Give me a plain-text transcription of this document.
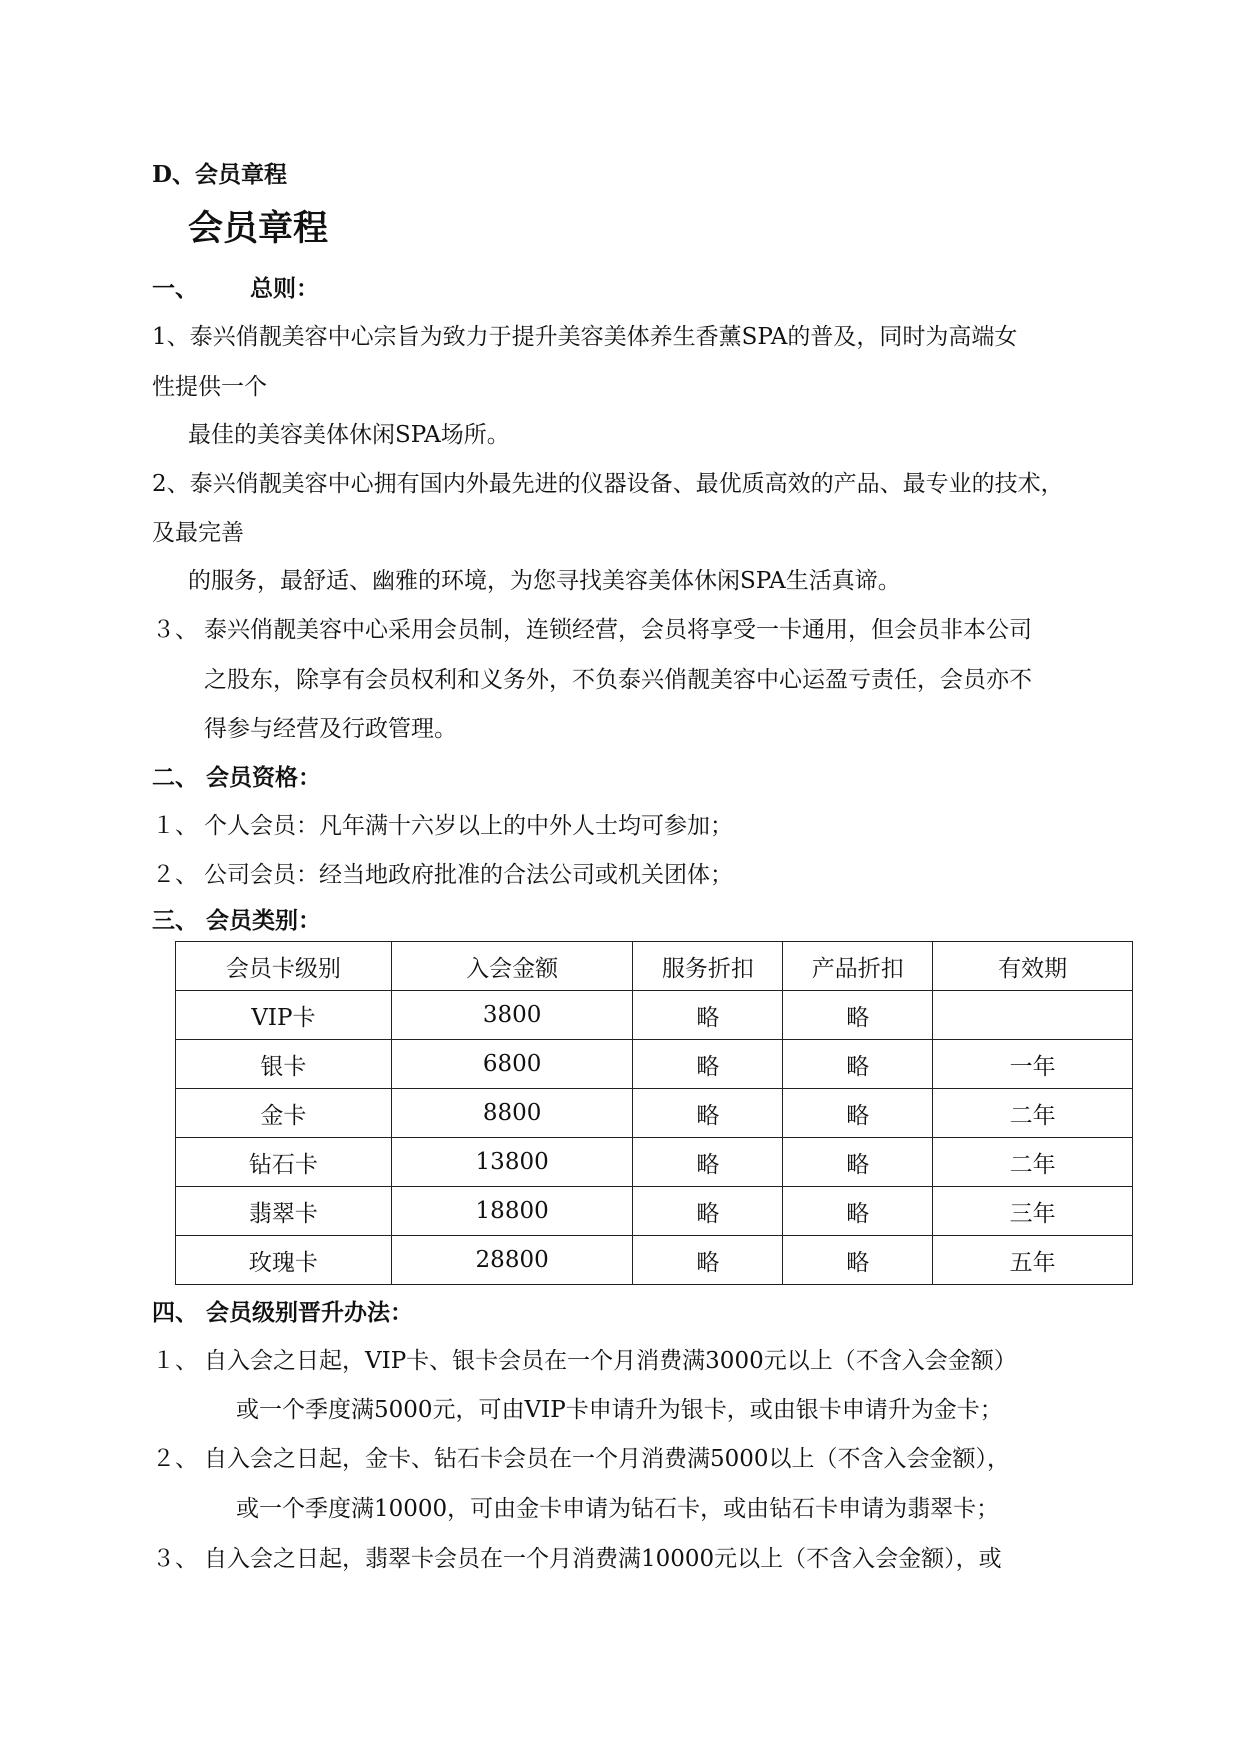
D、会员章程
会员章程
一、 总则：
1、泰兴俏靓美容中心宗旨为致力于提升美容美体养生香薰SPA的普及，同时为高端女
性提供一个
最佳的美容美体休闲SPA场所。
2、泰兴俏靓美容中心拥有国内外最先进的仪器设备、最优质高效的产品、最专业的技术，
及最完善
的服务，最舒适、幽雅的环境，为您寻找美容美体休闲SPA生活真谛。
３、 泰兴俏靓美容中心采用会员制，连锁经营，会员将享受一卡通用，但会员非本公司
之股东，除享有会员权利和义务外，不负泰兴俏靓美容中心运盈亏责任，会员亦不
得参与经营及行政管理。
二、 会员资格：
１、 个人会员：凡年满十六岁以上的中外人士均可参加；
２、 公司会员：经当地政府批准的合法公司或机关团体；
三、 会员类别：
会员卡级别	入会金额	服务折扣	产品折扣	有效期
VIP卡	3800	略	略	
银卡	6800	略	略	一年
金卡	8800	略	略	二年
钻石卡	13800	略	略	二年
翡翠卡	18800	略	略	三年
玫瑰卡	28800	略	略	五年
四、 会员级别晋升办法：
１、 自入会之日起，VIP卡、银卡会员在一个月消费满3000元以上（不含入会金额）
或一个季度满5000元，可由VIP卡申请升为银卡，或由银卡申请升为金卡；
２、 自入会之日起，金卡、钻石卡会员在一个月消费满5000以上（不含入会金额），
或一个季度满10000，可由金卡申请为钻石卡，或由钻石卡申请为翡翠卡；
３、 自入会之日起，翡翠卡会员在一个月消费满10000元以上（不含入会金额），或
